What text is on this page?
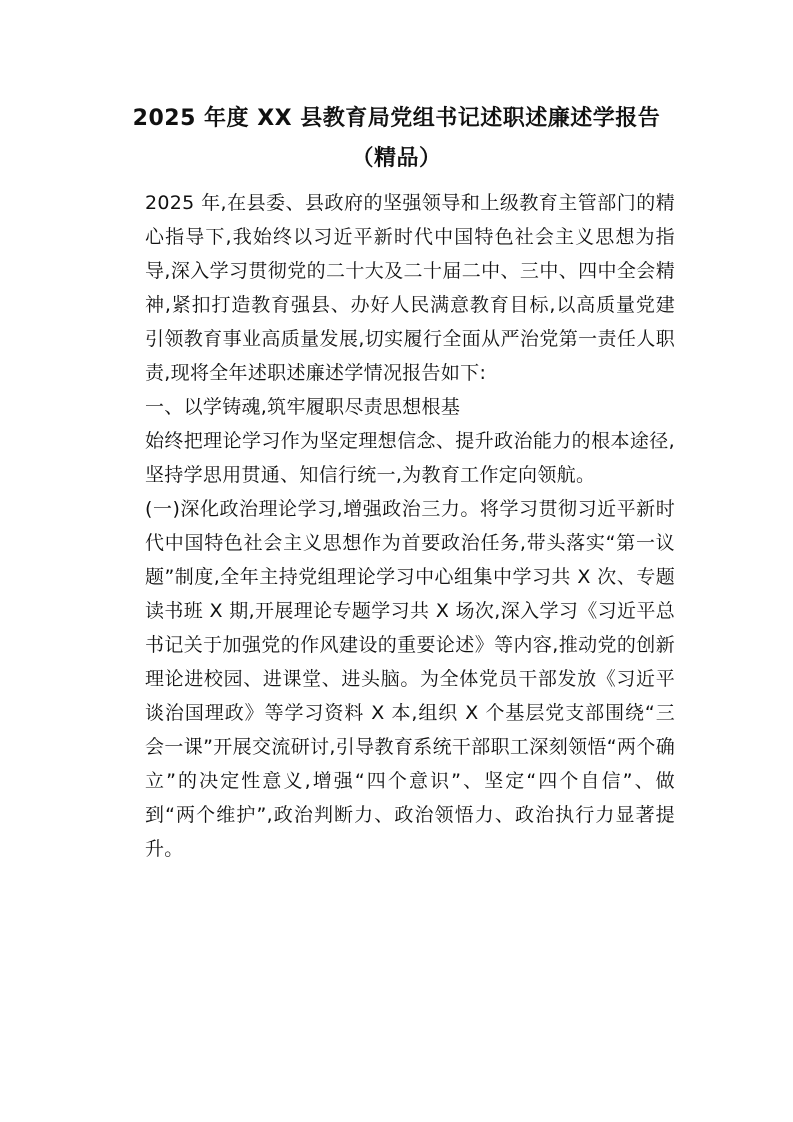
2025 年度 XX 县教育局党组书记述职述廉述学报告
（精品）

2025 年,在县委、县政府的坚强领导和上级教育主管部门的精心指导下,我始终以习近平新时代中国特色社会主义思想为指导,深入学习贯彻党的二十大及二十届二中、三中、四中全会精神,紧扣打造教育强县、办好人民满意教育目标,以高质量党建引领教育事业高质量发展,切实履行全面从严治党第一责任人职责,现将全年述职述廉述学情况报告如下:

一、以学铸魂,筑牢履职尽责思想根基

始终把理论学习作为坚定理想信念、提升政治能力的根本途径,坚持学思用贯通、知信行统一,为教育工作定向领航。

(一)深化政治理论学习,增强政治三力。将学习贯彻习近平新时代中国特色社会主义思想作为首要政治任务,带头落实“第一议题”制度,全年主持党组理论学习中心组集中学习共 X 次、专题读书班 X 期,开展理论专题学习共 X 场次,深入学习《习近平总书记关于加强党的作风建设的重要论述》等内容,推动党的创新理论进校园、进课堂、进头脑。为全体党员干部发放《习近平谈治国理政》等学习资料 X 本,组织 X 个基层党支部围绕“三会一课”开展交流研讨,引导教育系统干部职工深刻领悟“两个确立”的决定性意义,增强“四个意识”、坚定“四个自信”、做到“两个维护”,政治判断力、政治领悟力、政治执行力显著提升。
